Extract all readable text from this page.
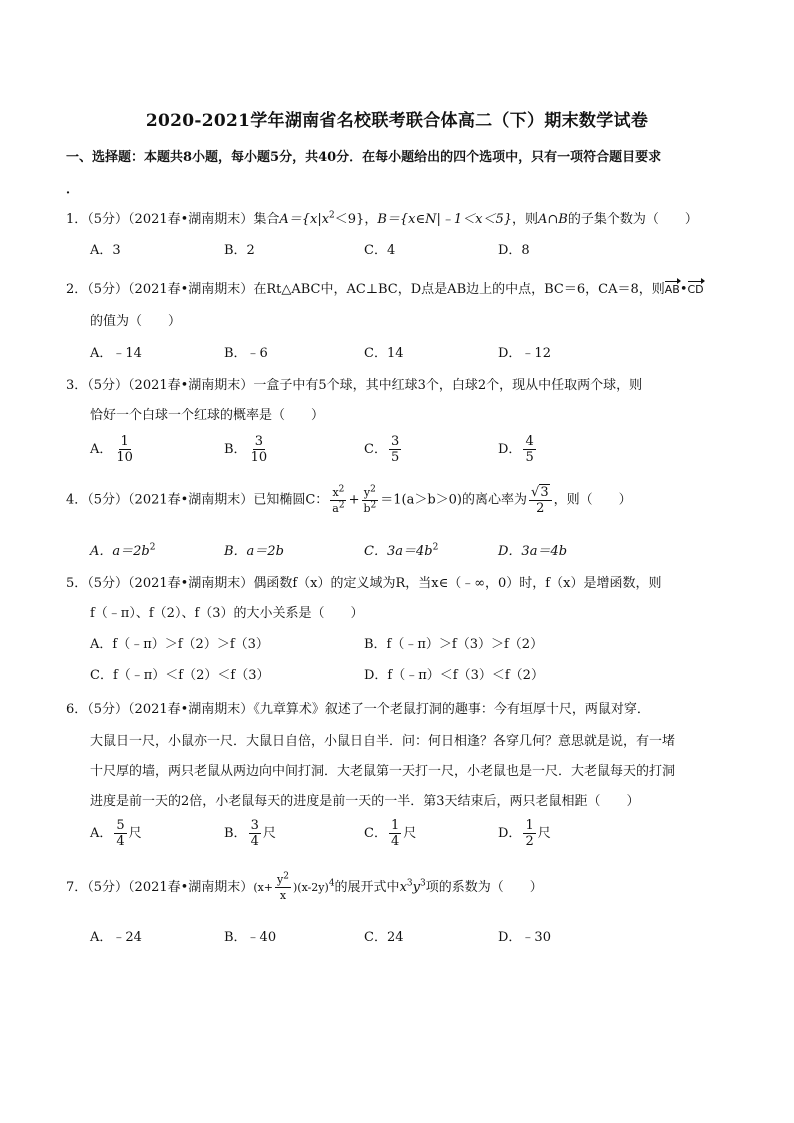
2020-2021学年湖南省名校联考联合体高二（下）期末数学试卷
一、选择题：本题共8小题，每小题5分，共40分．在每小题给出的四个选项中，只有一项符合题目要求
．
1．（5分）（2021春•湖南期末）集合$A=\{x|x^2<9\}$，B＝{x∈N|﹣1＜x＜5}，则A∩B的子集个数为（　　）
A．3	B．2	C．4	D．8
2．（5分）（2021春•湖南期末）在Rt△ABC中，AC⊥BC，D点是AB边上的中点，BC＝6，CA＝8，则AB•CD
的值为（　　）
A．﹣14	B．﹣6	C．14	D．﹣12
3．（5分）（2021春•湖南期末）一盒子中有5个球，其中红球3个，白球2个，现从中任取两个球，则
恰好一个白球一个红球的概率是（　　）
A． $\frac{1}{10}$	B． $\frac{3}{10}$	C． $\frac{3}{5}$	D． $\frac{4}{5}$
4．（5分）（2021春•湖南期末）已知椭圆C： $\frac{x^2}{a^2} + \frac{y^2}{b^2} =1(a>b>0)$的离心率为 $\frac{√3}{2}$ ，则（　　）
A．$a=2b^2$	B．a＝2b	C．$3a=4b^2$	D．3a＝4b
5．（5分）（2021春•湖南期末）偶函数f（x）的定义域为R，当x∈（﹣∞，0）时，f（x）是增函数，则
f（﹣π）、f（2）、f（3）的大小关系是（　　）
A．f（﹣π）＞f（2）＞f（3）	B．f（﹣π）＞f（3）＞f（2）
C．f（﹣π）＜f（2）＜f（3）	D．f（﹣π）＜f（3）＜f（2）
6．（5分）（2021春•湖南期末）《九章算术》叙述了一个老鼠打洞的趣事：今有垣厚十尺，两鼠对穿．
大鼠日一尺，小鼠亦一尺．大鼠日自倍，小鼠日自半．问：何日相逢？各穿几何？意思就是说，有一堵
十尺厚的墙，两只老鼠从两边向中间打洞．大老鼠第一天打一尺，小老鼠也是一尺．大老鼠每天的打洞
进度是前一天的2倍，小老鼠每天的进度是前一天的一半．第3天结束后，两只老鼠相距（　　）
A． $\frac{5}{4}$ 尺	B． $\frac{3}{4}$ 尺	C． $\frac{1}{4}$ 尺	D． $\frac{1}{2}$ 尺
7．（5分）（2021春•湖南期末）$(x+ \frac{y^2}{x} )(x-2y)^4$的展开式中$x^3y^3$项的系数为（　　）
A．﹣24	B．﹣40	C．24	D．﹣30
